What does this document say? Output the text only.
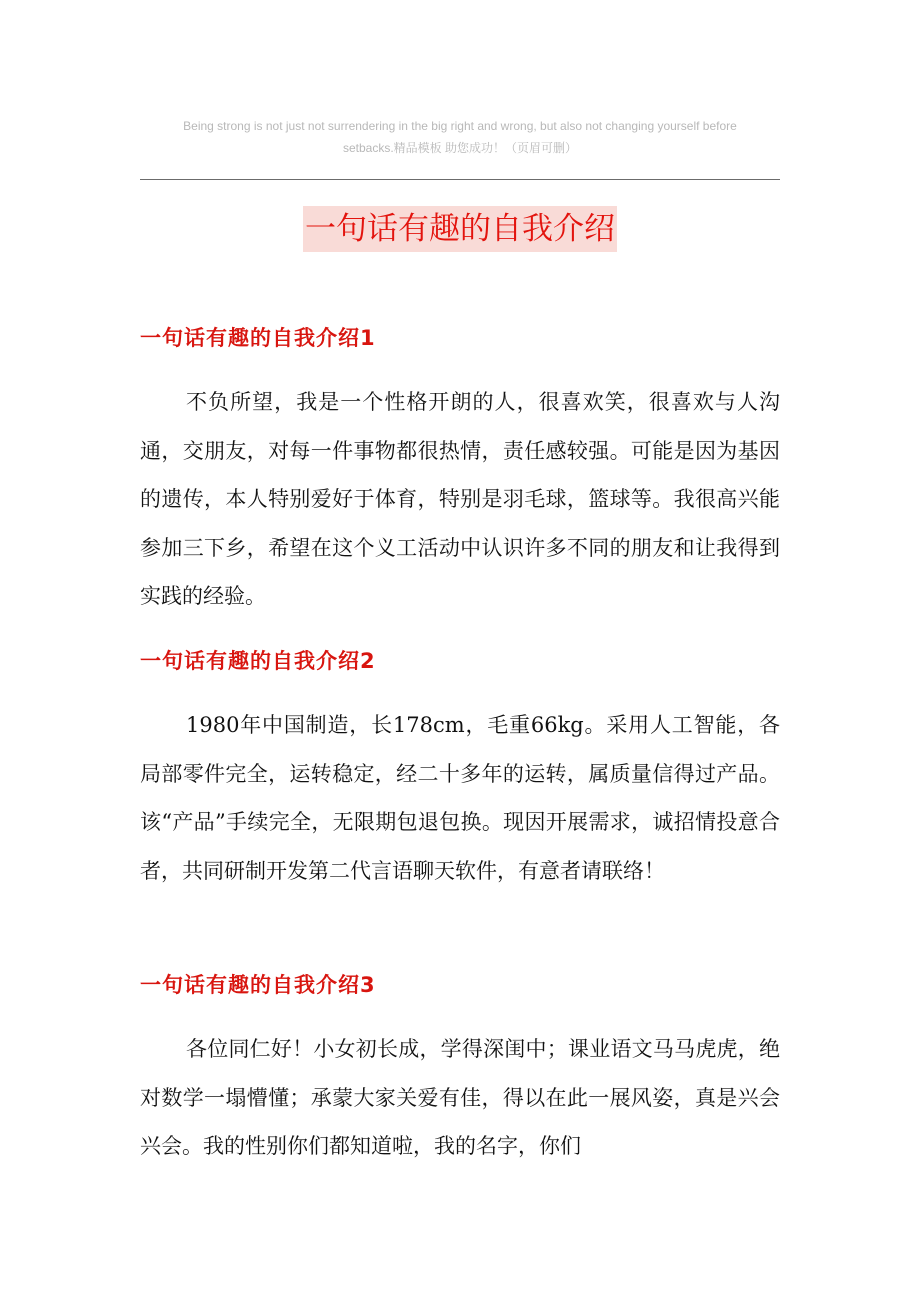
Being strong is not just not surrendering in the big right and wrong, but also not changing yourself before
setbacks.精品模板 助您成功！（页眉可删）
一句话有趣的自我介绍
一句话有趣的自我介绍1
不负所望，我是一个性格开朗的人，很喜欢笑，很喜欢与人沟通，交朋友，对每一件事物都很热情，责任感较强。可能是因为基因的遗传，本人特别爱好于体育，特别是羽毛球，篮球等。我很高兴能参加三下乡，希望在这个义工活动中认识许多不同的朋友和让我得到实践的经验。
一句话有趣的自我介绍2
1980年中国制造，长178cm，毛重66kg。采用人工智能，各局部零件完全，运转稳定，经二十多年的运转，属质量信得过产品。该“产品”手续完全，无限期包退包换。现因开展需求，诚招情投意合者，共同研制开发第二代言语聊天软件，有意者请联络！
一句话有趣的自我介绍3
各位同仁好！小女初长成，学得深闺中；课业语文马马虎虎，绝对数学一塌懵懂；承蒙大家关爱有佳，得以在此一展风姿，真是兴会兴会。我的性别你们都知道啦，我的名字，你们
